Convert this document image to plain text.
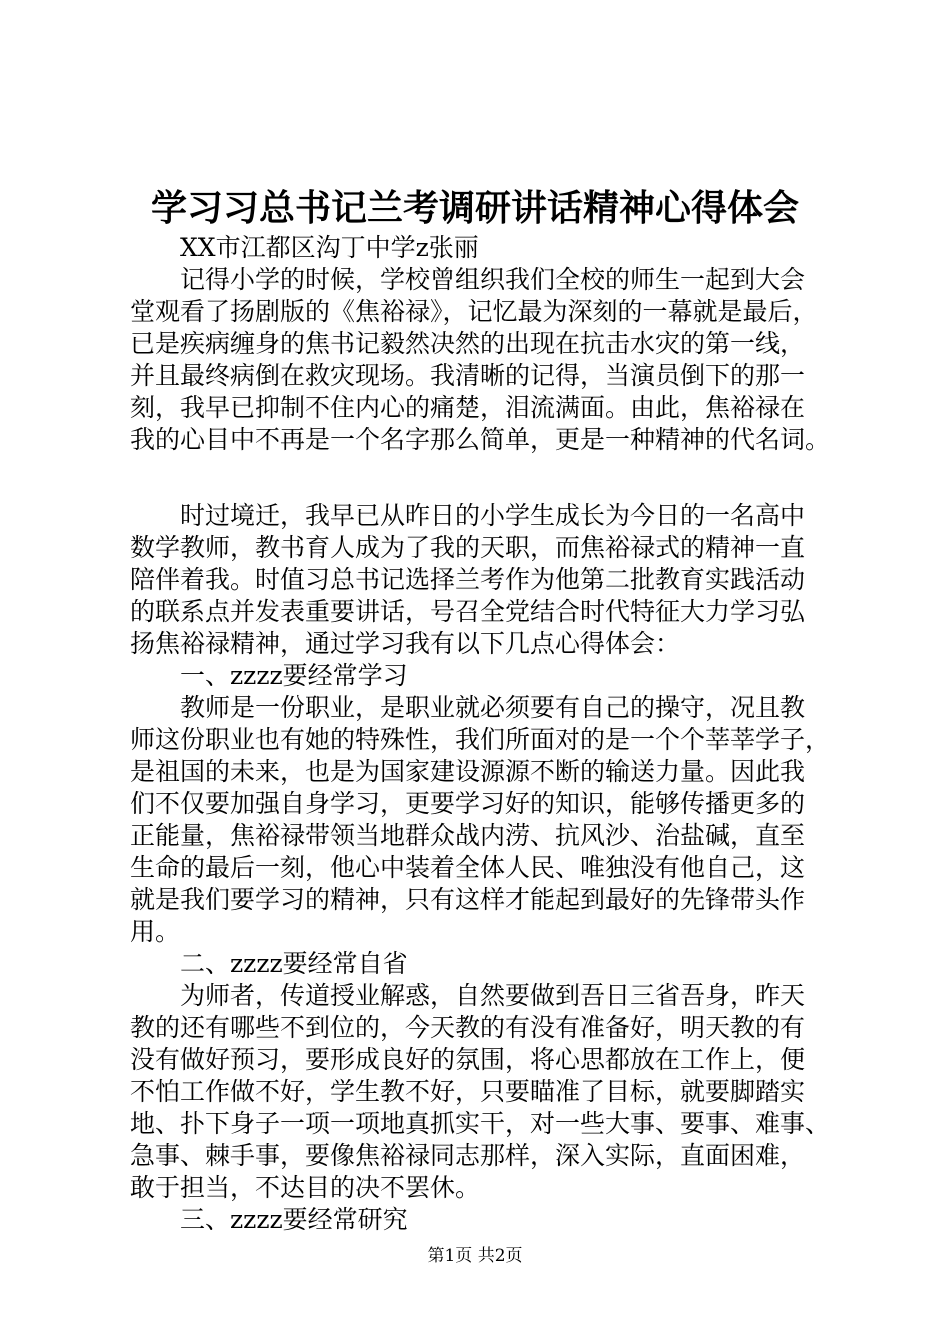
学习习总书记兰考调研讲话精神心得体会
XX市江都区沟丁中学z张丽
记得小学的时候，学校曾组织我们全校的师生一起到大会
堂观看了扬剧版的《焦裕禄》，记忆最为深刻的一幕就是最后，
已是疾病缠身的焦书记毅然决然的出现在抗击水灾的第一线，
并且最终病倒在救灾现场。我清晰的记得，当演员倒下的那一
刻，我早已抑制不住内心的痛楚，泪流满面。由此，焦裕禄在
我的心目中不再是一个名字那么简单，更是一种精神的代名词。
时过境迁，我早已从昨日的小学生成长为今日的一名高中
数学教师，教书育人成为了我的天职，而焦裕禄式的精神一直
陪伴着我。时值习总书记选择兰考作为他第二批教育实践活动
的联系点并发表重要讲话，号召全党结合时代特征大力学习弘
扬焦裕禄精神，通过学习我有以下几点心得体会：
一、zzzz要经常学习
教师是一份职业，是职业就必须要有自己的操守，况且教
师这份职业也有她的特殊性，我们所面对的是一个个莘莘学子，
是祖国的未来，也是为国家建设源源不断的输送力量。因此我
们不仅要加强自身学习，更要学习好的知识，能够传播更多的
正能量，焦裕禄带领当地群众战内涝、抗风沙、治盐碱，直至
生命的最后一刻，他心中装着全体人民、唯独没有他自己，这
就是我们要学习的精神，只有这样才能起到最好的先锋带头作
用。
二、zzzz要经常自省
为师者，传道授业解惑，自然要做到吾日三省吾身，昨天
教的还有哪些不到位的，今天教的有没有准备好，明天教的有
没有做好预习，要形成良好的氛围，将心思都放在工作上，便
不怕工作做不好，学生教不好，只要瞄准了目标，就要脚踏实
地、扑下身子一项一项地真抓实干，对一些大事、要事、难事、
急事、棘手事，要像焦裕禄同志那样，深入实际，直面困难，
敢于担当，不达目的决不罢休。
三、zzzz要经常研究
第1页 共2页
